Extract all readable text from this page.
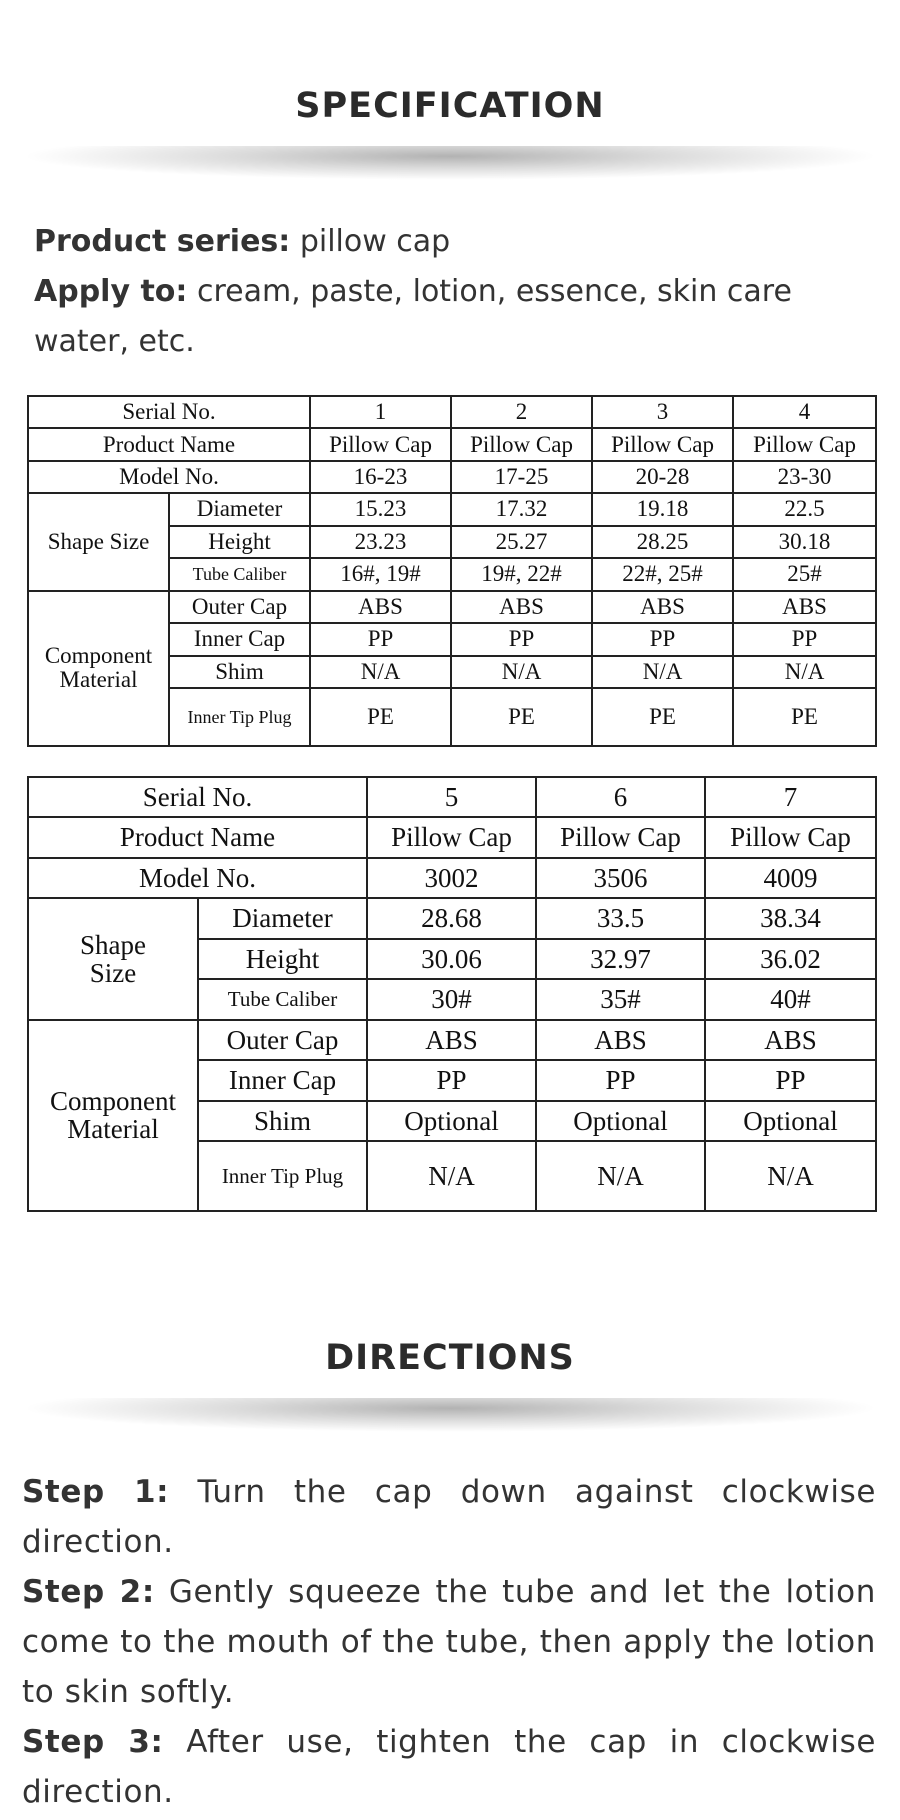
SPECIFICATION
Product series: pillow cap
Apply to: cream, paste, lotion, essence, skin care water, etc.
Serial No.		1	2	3	4
Product Name		Pillow Cap	Pillow Cap	Pillow Cap	Pillow Cap
Model No.		16-23	17-25	20-28	23-30
Shape Size	Diameter	15.23	17.32	19.18	22.5
	Height	23.23	25.27	28.25	30.18
	Tube Caliber	16#, 19#	19#, 22#	22#, 25#	25#
Component Material	Outer Cap	ABS	ABS	ABS	ABS
	Inner Cap	PP	PP	PP	PP
	Shim	N/A	N/A	N/A	N/A
	Inner Tip Plug	PE	PE	PE	PE
Serial No.		5	6	7
Product Name		Pillow Cap	Pillow Cap	Pillow Cap
Model No.		3002	3506	4009
Shape Size	Diameter	28.68	33.5	38.34
	Height	30.06	32.97	36.02
	Tube Caliber	30#	35#	40#
Component Material	Outer Cap	ABS	ABS	ABS
	Inner Cap	PP	PP	PP
	Shim	Optional	Optional	Optional
	Inner Tip Plug	N/A	N/A	N/A
DIRECTIONS
Step 1: Turn the cap down against clockwise direction.
Step 2: Gently squeeze the tube and let the lotion come to the mouth of the tube, then apply the lotion to skin softly.
Step 3: After use, tighten the cap in clockwise direction.
